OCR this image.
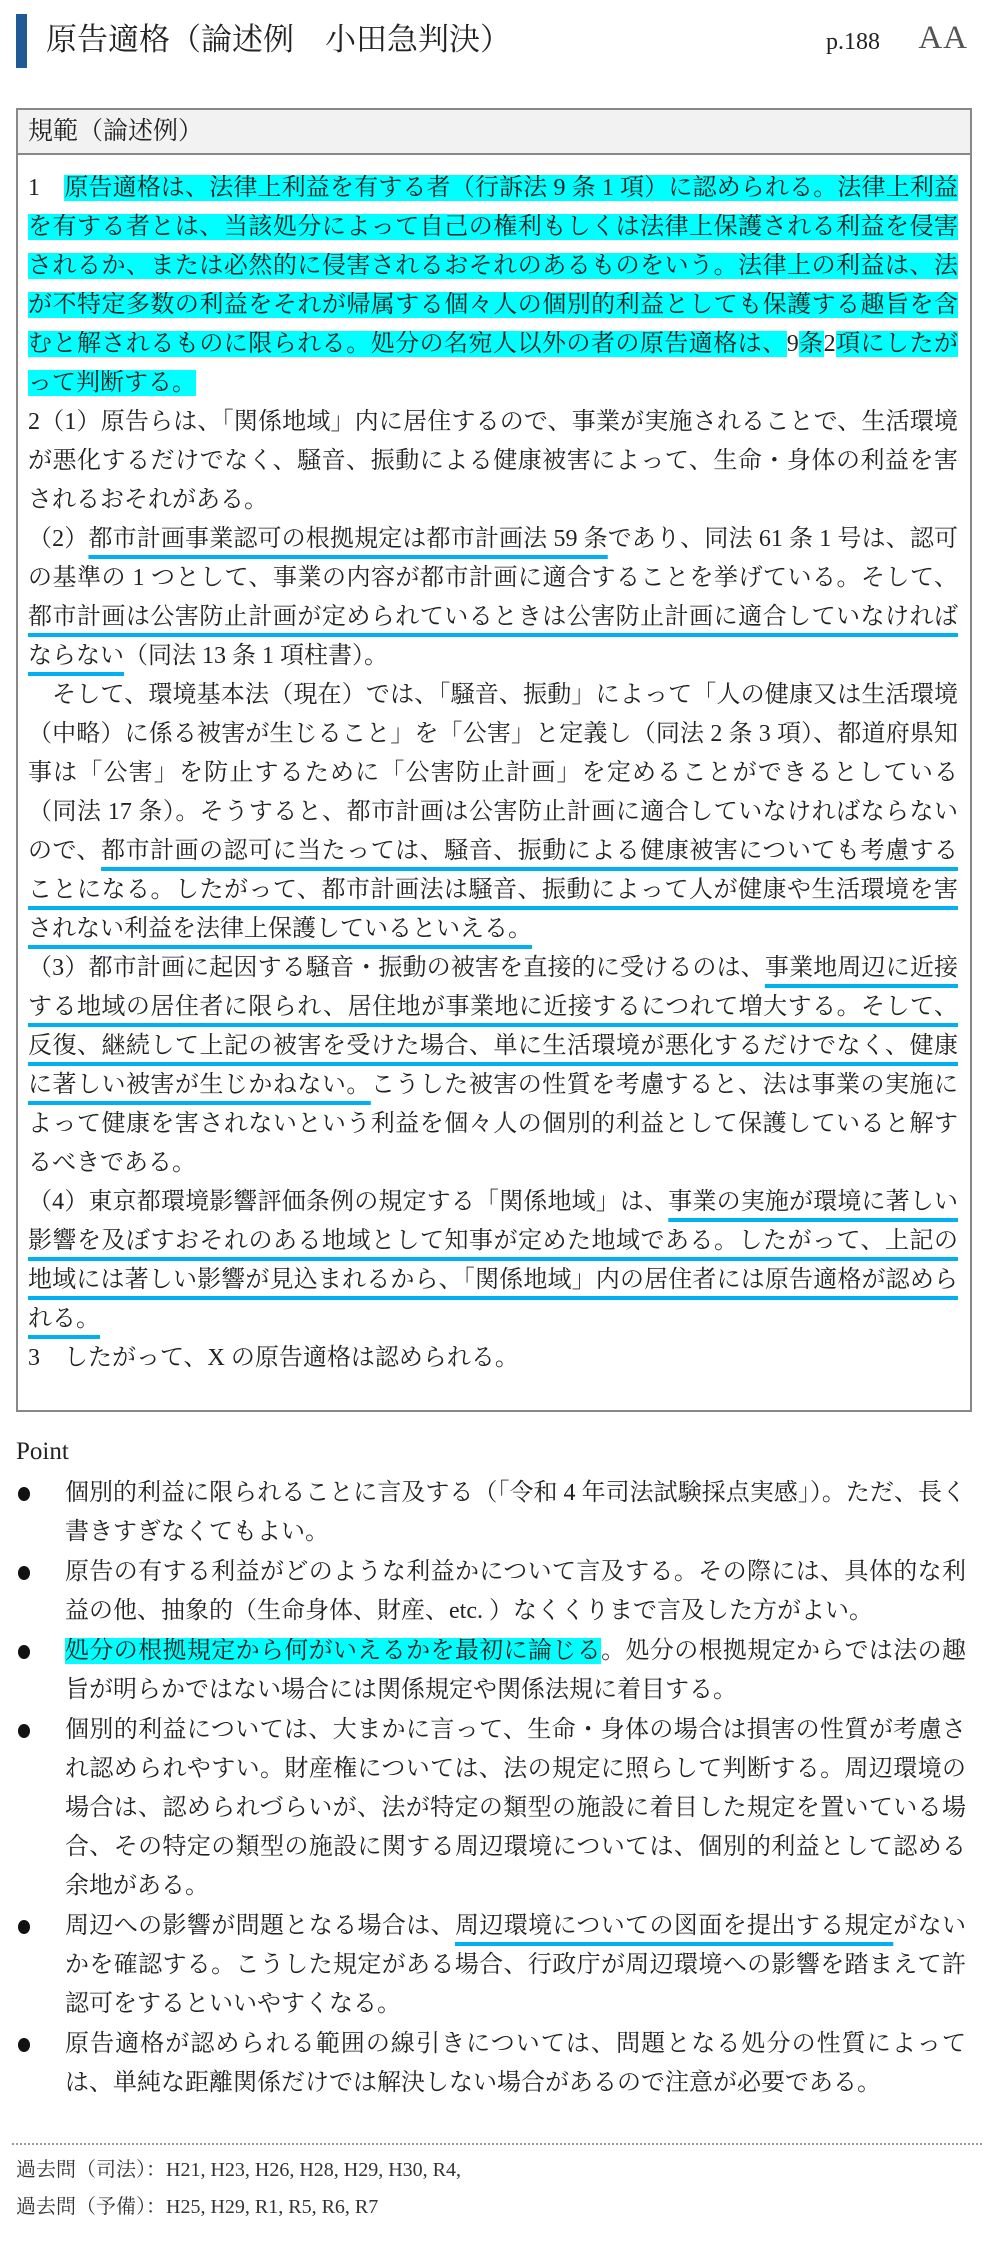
原告適格（論述例　小田急判決）	p.188 AA
規範（論述例）

1　原告適格は、法律上利益を有する者（行訴法 9 条 1 項）に認められる。法律上利益を有する者とは、当該処分によって自己の権利もしくは法律上保護される利益を侵害されるか、または必然的に侵害されるおそれのあるものをいう。法律上の利益は、法が不特定多数の利益をそれが帰属する個々人の個別的利益としても保護する趣旨を含むと解されるものに限られる。処分の名宛人以外の者の原告適格は、9条2項にしたがって判断する。

2（1）原告らは、「関係地域」内に居住するので、事業が実施されることで、生活環境が悪化するだけでなく、騒音、振動による健康被害によって、生命・身体の利益を害されるおそれがある。

（2）都市計画事業認可の根拠規定は都市計画法 59 条であり、同法 61 条 1 号は、認可の基準の 1 つとして、事業の内容が都市計画に適合することを挙げている。そして、都市計画は公害防止計画が定められているときは公害防止計画に適合していなければならない（同法 13 条 1 項柱書）。

　そして、環境基本法（現在）では、「騒音、振動」によって「人の健康又は生活環境（中略）に係る被害が生じること」を「公害」と定義し（同法 2 条 3 項）、都道府県知事は「公害」を防止するために「公害防止計画」を定めることができるとしている（同法 17 条）。そうすると、都市計画は公害防止計画に適合していなければならないので、都市計画の認可に当たっては、騒音、振動による健康被害についても考慮することになる。したがって、都市計画法は騒音、振動によって人が健康や生活環境を害されない利益を法律上保護しているといえる。

（3）都市計画に起因する騒音・振動の被害を直接的に受けるのは、事業地周辺に近接する地域の居住者に限られ、居住地が事業地に近接するにつれて増大する。そして、反復、継続して上記の被害を受けた場合、単に生活環境が悪化するだけでなく、健康に著しい被害が生じかねない。こうした被害の性質を考慮すると、法は事業の実施によって健康を害されないという利益を個々人の個別的利益として保護していると解するべきである。

（4）東京都環境影響評価条例の規定する「関係地域」は、事業の実施が環境に著しい影響を及ぼすおそれのある地域として知事が定めた地域である。したがって、上記の地域には著しい影響が見込まれるから、「関係地域」内の居住者には原告適格が認められる。

3　したがって、X の原告適格は認められる。

Point
個別的利益に限られることに言及する（「令和 4 年司法試験採点実感」）。ただ、長く書きすぎなくてもよい。
原告の有する利益がどのような利益かについて言及する。その際には、具体的な利益の他、抽象的（生命身体、財産、etc. ）なくくりまで言及した方がよい。
処分の根拠規定から何がいえるかを最初に論じる。処分の根拠規定からでは法の趣旨が明らかではない場合には関係規定や関係法規に着目する。
個別的利益については、大まかに言って、生命・身体の場合は損害の性質が考慮され認められやすい。財産権については、法の規定に照らして判断する。周辺環境の場合は、認められづらいが、法が特定の類型の施設に着目した規定を置いている場合、その特定の類型の施設に関する周辺環境については、個別的利益として認める余地がある。
周辺への影響が問題となる場合は、周辺環境についての図面を提出する規定がないかを確認する。こうした規定がある場合、行政庁が周辺環境への影響を踏まえて許認可をするといいやすくなる。
原告適格が認められる範囲の線引きについては、問題となる処分の性質によっては、単純な距離関係だけでは解決しない場合があるので注意が必要である。
過去問（司法）：H21, H23, H26, H28, H29, H30, R4,
過去問（予備）：H25, H29, R1, R5, R6, R7
